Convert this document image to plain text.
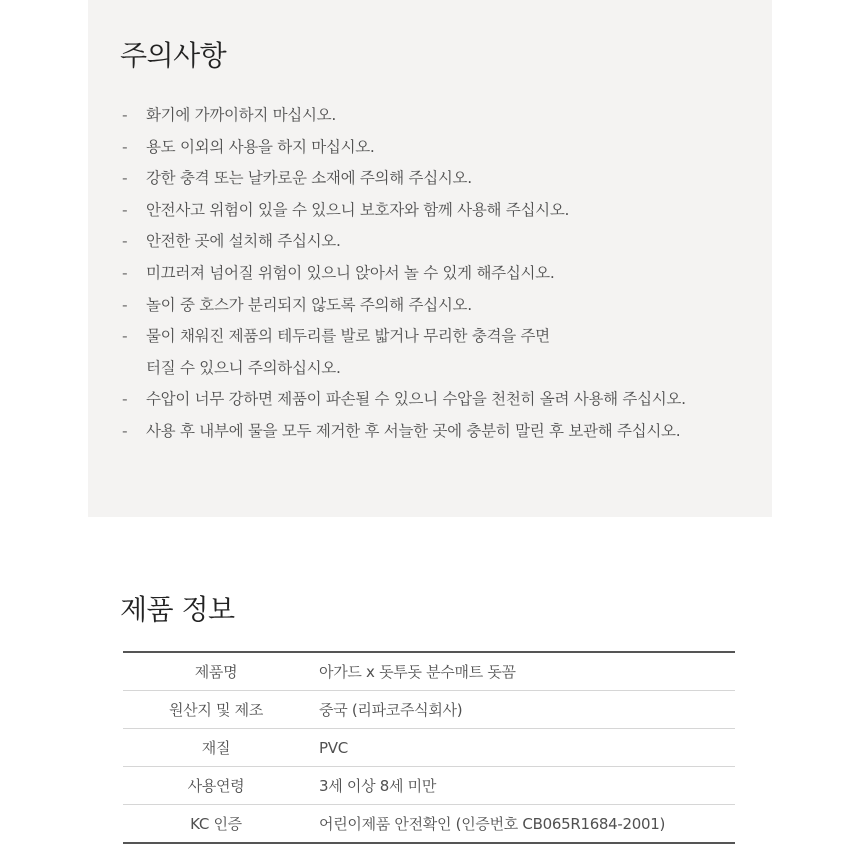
주의사항
-	화기에 가까이하지 마십시오.
-	용도 이외의 사용을 하지 마십시오.
-	강한 충격 또는 날카로운 소재에 주의해 주십시오.
-	안전사고 위험이 있을 수 있으니 보호자와 함께 사용해 주십시오.
-	안전한 곳에 설치해 주십시오.
-	미끄러져 넘어질 위험이 있으니 앉아서 놀 수 있게 해주십시오.
-	놀이 중 호스가 분리되지 않도록 주의해 주십시오.
-	물이 채워진 제품의 테두리를 발로 밟거나 무리한 충격을 주면
터질 수 있으니 주의하십시오.
-	수압이 너무 강하면 제품이 파손될 수 있으니 수압을 천천히 올려 사용해 주십시오.
-	사용 후 내부에 물을 모두 제거한 후 서늘한 곳에 충분히 말린 후 보관해 주십시오.
제품 정보
제품명	아가드 x 돗투돗 분수매트 돗꼼
원산지 및 제조	중국 (리파코주식회사)
재질	PVC
사용연령	3세 이상 8세 미만
KC 인증	어린이제품 안전확인 (인증번호 CB065R1684-2001)
